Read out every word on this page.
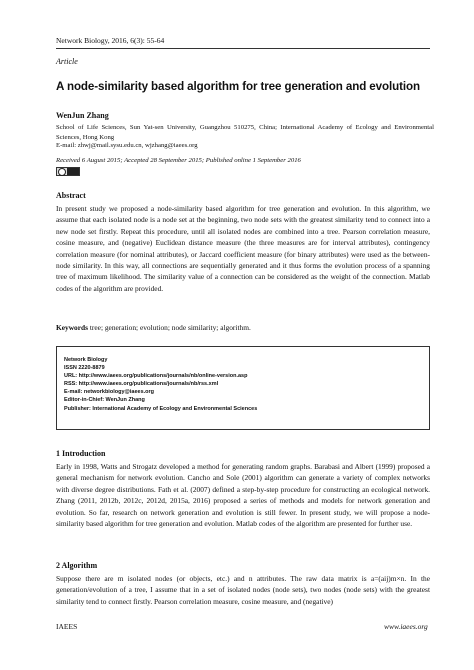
Network Biology, 2016, 6(3): 55-64
Article
A node-similarity based algorithm for tree generation and evolution
WenJun Zhang
School of Life Sciences, Sun Yat-sen University, Guangzhou 510275, China; International Academy of Ecology and Environmental Sciences, Hong Kong
E-mail: zhwj@mail.sysu.edu.cn, wjzhang@iaees.org
Received 6 August 2015; Accepted 28 September 2015; Published online 1 September 2016
Abstract
In present study we proposed a node-similarity based algorithm for tree generation and evolution. In this algorithm, we assume that each isolated node is a node set at the beginning, two node sets with the greatest similarity tend to connect into a new node set firstly. Repeat this procedure, until all isolated nodes are combined into a tree. Pearson correlation measure, cosine measure, and (negative) Euclidean distance measure (the three measures are for interval attributes), contingency correlation measure (for nominal attributes), or Jaccard coefficient measure (for binary attributes) were used as the between-node similarity. In this way, all connections are sequentially generated and it thus forms the evolution process of a spanning tree of maximum likelihood. The similarity value of a connection can be considered as the weight of the connection. Matlab codes of the algorithm are provided.
Keywords tree; generation; evolution; node similarity; algorithm.
Network Biology
ISSN 2220-8879
URL: http://www.iaees.org/publications/journals/nb/online-version.asp
RSS: http://www.iaees.org/publications/journals/nb/rss.xml
E-mail: networkbiology@iaees.org
Editor-in-Chief: WenJun Zhang
Publisher: International Academy of Ecology and Environmental Sciences
1 Introduction
Early in 1998, Watts and Strogatz developed a method for generating random graphs. Barabasi and Albert (1999) proposed a general mechanism for network evolution. Cancho and Sole (2001) algorithm can generate a variety of complex networks with diverse degree distributions. Fath et al. (2007) defined a step-by-step procedure for constructing an ecological network. Zhang (2011, 2012b, 2012c, 2012d, 2015a, 2016) proposed a series of methods and models for network generation and evolution. So far, research on network generation and evolution is still fewer. In present study, we will propose a node-similarity based algorithm for tree generation and evolution. Matlab codes of the algorithm are presented for further use.
2 Algorithm
Suppose there are m isolated nodes (or objects, etc.) and n attributes. The raw data matrix is a=(aij)m×n. In the generation/evolution of a tree, I assume that in a set of isolated nodes (node sets), two nodes (node sets) with the greatest similarity tend to connect firstly. Pearson correlation measure, cosine measure, and (negative)
IAEES	www.iaees.org
